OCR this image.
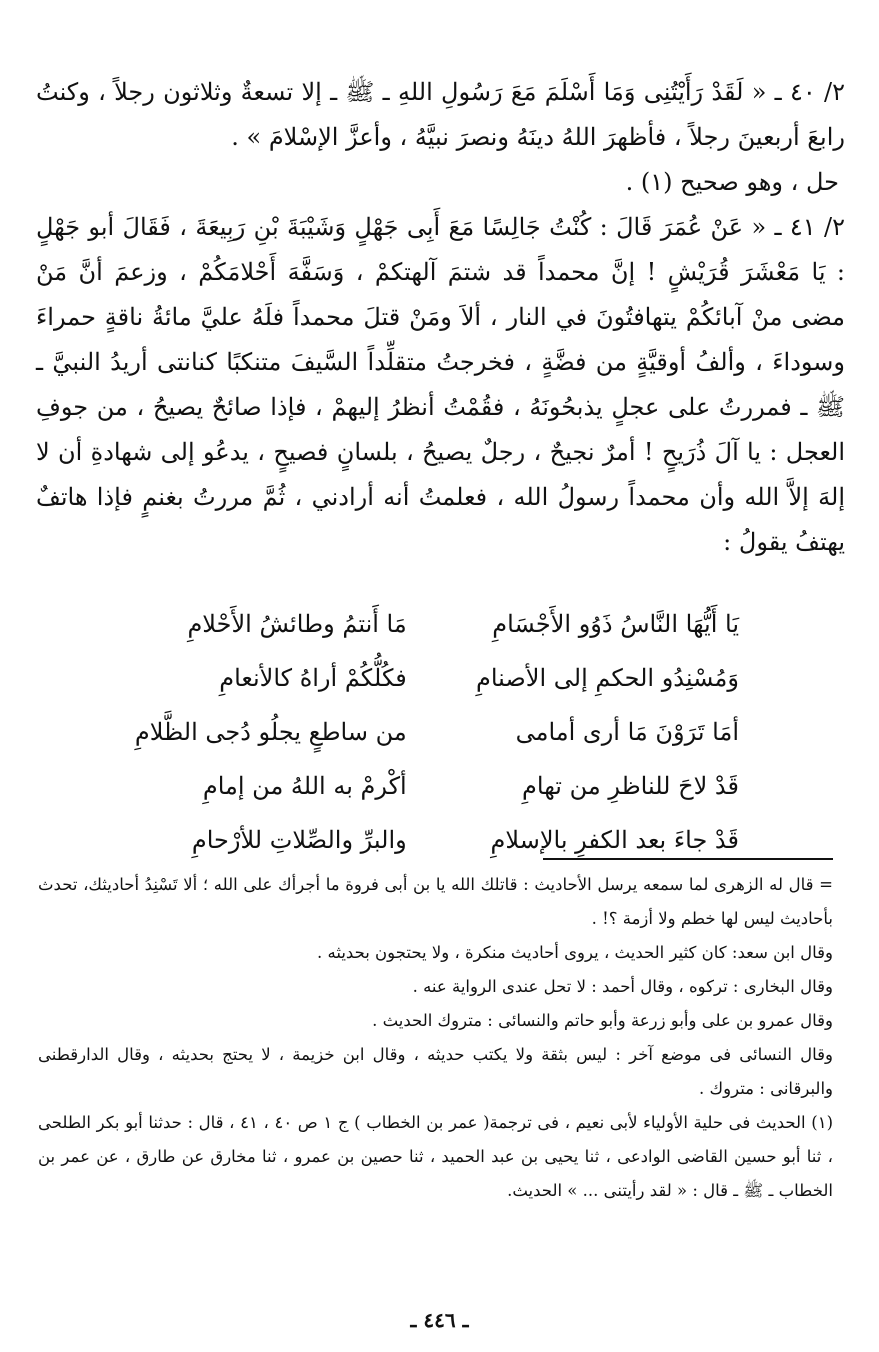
٢/ ٤٠ ـ « لَقَدْ رَأَيْتُنِى وَمَا أَسْلَمَ مَعَ رَسُولِ اللهِ ـ ﷺ ـ إلا تسعةٌ وثلاثون رجلاً ، وكنتُ رابعَ أربعينَ رجلاً ، فأظهرَ اللهُ دينَهُ ونصرَ نبيَّهُ ، وأعزَّ الإسْلامَ » .

حل ، وهو صحيح (١) .

٢/ ٤١ ـ « عَنْ عُمَرَ قَالَ : كُنْتُ جَالِسًا مَعَ أَبِى جَهْلٍ وَشَيْبَةَ بْنِ رَبِيعَةَ ، فَقَالَ أبو جَهْلٍ : يَا مَعْشَرَ قُرَيْشٍ ! إنَّ محمداً قد شتمَ آلهتكمْ ، وَسَفَّهَ أَحْلامَكُمْ ، وزعمَ أنَّ مَنْ مضى منْ آبائكُمْ يتهافتُونَ في النار ، ألاَ ومَنْ قتلَ محمداً فلَهُ عليَّ مائةُ ناقةٍ حمراءَ وسوداءَ ، وألفُ أوقيَّةٍ من فضَّةٍ ، فخرجتُ متقلِّداً السَّيفَ متنكبًا كنانتى أريدُ النبيَّ ـ ﷺ ـ فمررتُ على عجلٍ يذبحُونَهُ ، فقُمْتُ أنظرُ إليهمْ ، فإذا صائحٌ يصيحُ ، من جوفِ العجل : يا آلَ ذُرَيحٍ ! أمرٌ نجيحٌ ، رجلٌ يصيحُ ، بلسانٍ فصيحٍ ، يدعُو إلى شهادةِ أن لا إلهَ إلاَّ الله وأن محمداً رسولُ الله ، فعلمتُ أنه أرادني ، ثُمَّ مررتُ بغنمٍ فإذا هاتفٌ يهتفُ يقولُ :

يَا أَيُّهَا النَّاسُ ذَوُو الأَجْسَامِ
مَا أَنتمُ وطائشُ الأَحْلامِ
وَمُسْنِدُو الحكمِ إلى الأصنامِ
فكُلُّكُمْ أراهُ كالأنعامِ
أمَا تَرَوْنَ مَا أرى أمامى
من ساطعٍ يجلُو دُجى الظَّلامِ
قَدْ لاحَ للناظرِ من تهامِ
أكْرمْ به اللهُ من إمامِ
قَدْ جاءَ بعد الكفرِ بالإسلامِ
والبرِّ والصِّلاتِ للأرْحامِ

= قال له الزهرى لما سمعه يرسل الأحاديث : قاتلك الله يا بن أبى فروة ما أجرأك على الله ؛ ألا تَسْنِدُ أحاديثك، تحدث بأحاديث ليس لها خطم ولا أزمة ؟! .

وقال ابن سعد: كان كثير الحديث ، يروى أحاديث منكرة ، ولا يحتجون بحديثه .

وقال البخارى : تركوه ، وقال أحمد : لا تحل عندى الرواية عنه .

وقال عمرو بن على وأبو زرعة وأبو حاتم والنسائى : متروك الحديث .

وقال النسائى فى موضع آخر : ليس بثقة ولا يكتب حديثه ، وقال ابن خزيمة ، لا يحتج بحديثه ، وقال الدارقطنى والبرقانى : متروك .

(١) الحديث فى حلية الأولياء لأبى نعيم ، فى ترجمة( عمر بن الخطاب ) ج ١ ص ٤٠ ، ٤١ ، قال : حدثنا أبو بكر الطلحى ، ثنا أبو حسين القاضى الوادعى ، ثنا يحيى بن عبد الحميد ، ثنا حصين بن عمرو ، ثنا مخارق عن طارق ، عن عمر بن الخطاب ـ ﷺ ـ قال : « لقد رأيتنى ... » الحديث.

ـ ٤٤٦ ـ
